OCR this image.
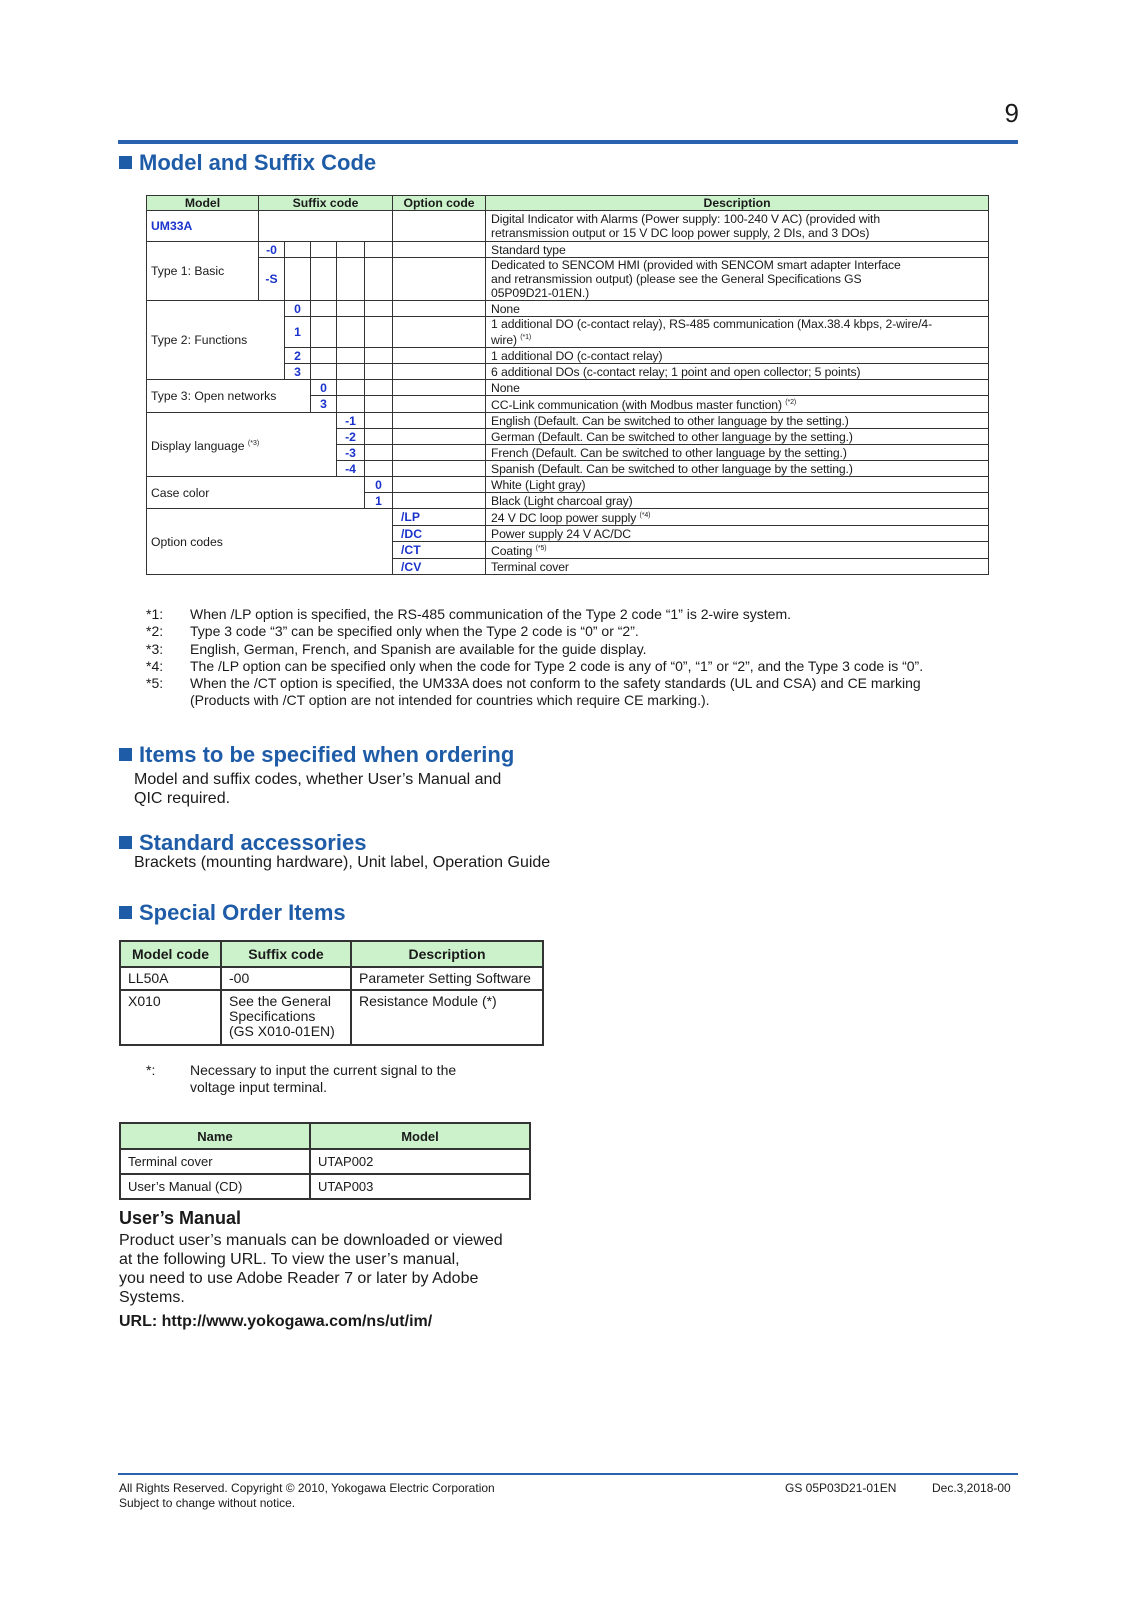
9
Model and Suffix Code
Model	Suffix code					Option code	Description
UM33A							Digital Indicator with Alarms (Power supply: 100-240 V AC) (provided with
retransmission output or 15 V DC loop power supply, 2 DIs, and 3 DOs)
Type 1: Basic	-0						Standard type
	-S						Dedicated to SENCOM HMI (provided with SENCOM smart adapter Interface
and retransmission output) (please see the General Specifications GS
05P09D21-01EN.)
Type 2: Functions		0					None
		1					1 additional DO (c-contact relay), RS-485 communication (Max.38.4 kbps, 2-wire/4-
wire) $^{(*1)}$
		2					1 additional DO (c-contact relay)
		3					6 additional DOs (c-contact relay; 1 point and open collector; 5 points)
Type 3: Open networks			0				None
			3				CC-Link communication (with Modbus master function) $^{(*2)}$
Display language $^{(*3)}$				-1			English (Default. Can be switched to other language by the setting.)
				-2			German (Default. Can be switched to other language by the setting.)
				-3			French (Default. Can be switched to other language by the setting.)
				-4			Spanish (Default. Can be switched to other language by the setting.)
Case color					0		White (Light gray)
					1		Black (Light charcoal gray)
Option codes						/LP	24 V DC loop power supply $^{(*4)}$
						/DC	Power supply 24 V AC/DC
						/CT	Coating $^{(*5)}$
						/CV	Terminal cover
*1:	When /LP option is specified, the RS-485 communication of the Type 2 code “1” is 2-wire system.
*2:	Type 3 code “3” can be specified only when the Type 2 code is “0” or “2”.
*3:	English, German, French, and Spanish are available for the guide display.
*4:	The /LP option can be specified only when the code for Type 2 code is any of “0”, “1” or “2”, and the Type 3 code is “0”.
*5:	When the /CT option is specified, the UM33A does not conform to the safety standards (UL and CSA) and CE marking
(Products with /CT option are not intended for countries which require CE marking.).
Items to be specified when ordering

Model and suffix codes, whether User’s Manual and
QIC required.

Standard accessories

Brackets (mounting hardware), Unit label, Operation Guide

Special Order Items
Model code	Suffix code	Description
LL50A	-00	Parameter Setting Software
X010	See the General
Specifications
(GS X010-01EN)	Resistance Module (*)
*:	Necessary to input the current signal to the
voltage input terminal.
Name	Model
Terminal cover	UTAP002
User’s Manual (CD)	UTAP003
User’s Manual

Product user’s manuals can be downloaded or viewed
at the following URL. To view the user’s manual,
you need to use Adobe Reader 7 or later by Adobe
Systems.

URL: http://www.yokogawa.com/ns/ut/im/

All Rights Reserved. Copyright © 2010, Yokogawa Electric Corporation
Subject to change without notice.
GS 05P03D21-01EN	Dec.3,2018-00
